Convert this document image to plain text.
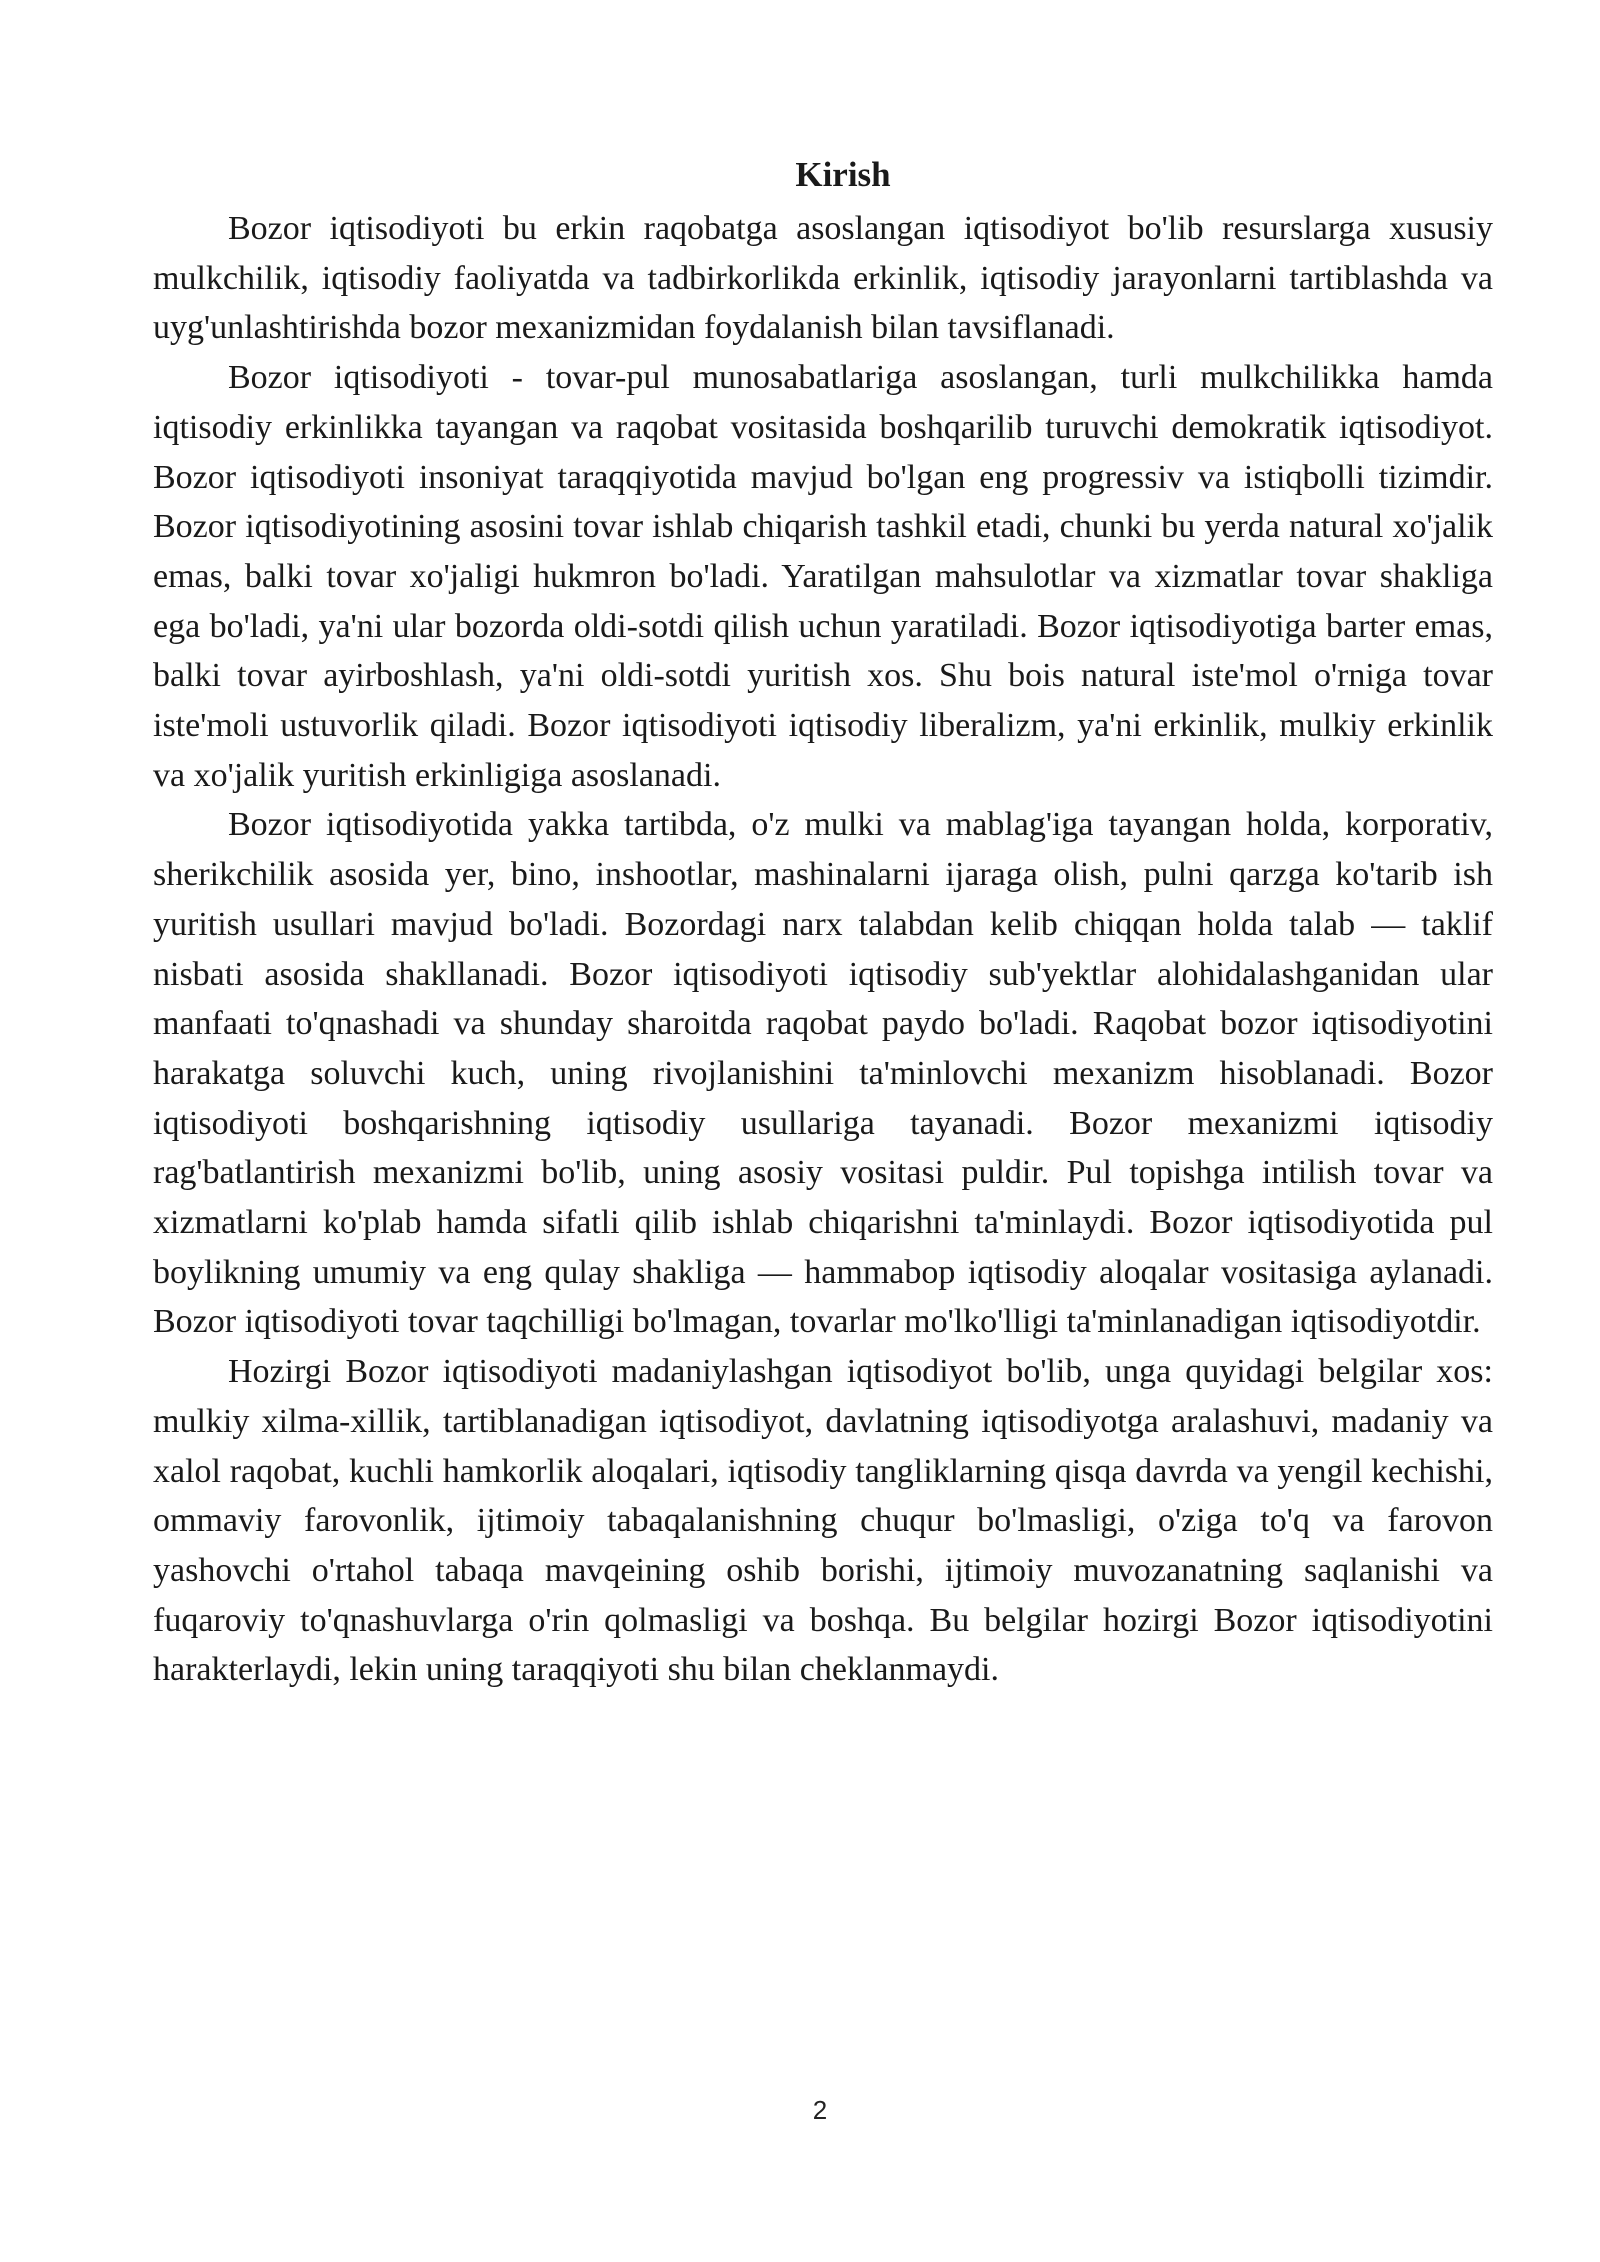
Kirish

Bozor iqtisodiyoti bu erkin raqobatga asoslangan iqtisodiyot bo'lib resurslarga xususiy mulkchilik, iqtisodiy faoliyatda va tadbirkorlikda erkinlik, iqtisodiy jarayonlarni tartiblashda va uyg'unlashtirishda bozor mexanizmidan foydalanish bilan tavsiflanadi.

Bozor iqtisodiyoti - tovar-pul munosabatlariga asoslangan, turli mulkchilikka hamda iqtisodiy erkinlikka tayangan va raqobat vositasida boshqarilib turuvchi demokratik iqtisodiyot. Bozor iqtisodiyoti insoniyat taraqqiyotida mavjud bo'lgan eng progressiv va istiqbolli tizimdir. Bozor iqtisodiyotining asosini tovar ishlab chiqarish tashkil etadi, chunki bu yerda natural xo'jalik emas, balki tovar xo'jaligi hukmron bo'ladi. Yaratilgan mahsulotlar va xizmatlar tovar shakliga ega bo'ladi, ya'ni ular bozorda oldi-sotdi qilish uchun yaratiladi. Bozor iqtisodiyotiga barter emas, balki tovar ayirboshlash, ya'ni oldi-sotdi yuritish xos. Shu bois natural iste'mol o'rniga tovar iste'moli ustuvorlik qiladi. Bozor iqtisodiyoti iqtisodiy liberalizm, ya'ni erkinlik, mulkiy erkinlik va xo'jalik yuritish erkinligiga asoslanadi.

Bozor iqtisodiyotida yakka tartibda, o'z mulki va mablag'iga tayangan holda, korporativ, sherikchilik asosida yer, bino, inshootlar, mashinalarni ijaraga olish, pulni qarzga ko'tarib ish yuritish usullari mavjud bo'ladi. Bozordagi narx talabdan kelib chiqqan holda talab — taklif nisbati asosida shakllanadi. Bozor iqtisodiyoti iqtisodiy sub'yektlar alohidalashganidan ular manfaati to'qnashadi va shunday sharoitda raqobat paydo bo'ladi. Raqobat bozor iqtisodiyotini harakatga soluvchi kuch, uning rivojlanishini ta'minlovchi mexanizm hisoblanadi. Bozor iqtisodiyoti boshqarishning iqtisodiy usullariga tayanadi. Bozor mexanizmi iqtisodiy rag'batlantirish mexanizmi bo'lib, uning asosiy vositasi puldir. Pul topishga intilish tovar va xizmatlarni ko'plab hamda sifatli qilib ishlab chiqarishni ta'minlaydi. Bozor iqtisodiyotida pul boylikning umumiy va eng qulay shakliga — hammabop iqtisodiy aloqalar vositasiga aylanadi. Bozor iqtisodiyoti tovar taqchilligi bo'lmagan, tovarlar mo'lko'lligi ta'minlanadigan iqtisodiyotdir.

Hozirgi Bozor iqtisodiyoti madaniylashgan iqtisodiyot bo'lib, unga quyidagi belgilar xos: mulkiy xilma-xillik, tartiblanadigan iqtisodiyot, davlatning iqtisodiyotga aralashuvi, madaniy va xalol raqobat, kuchli hamkorlik aloqalari, iqtisodiy tangliklarning qisqa davrda va yengil kechishi, ommaviy farovonlik, ijtimoiy tabaqalanishning chuqur bo'lmasligi, o'ziga to'q va farovon yashovchi o'rtahol tabaqa mavqeining oshib borishi, ijtimoiy muvozanatning saqlanishi va fuqaroviy to'qnashuvlarga o'rin qolmasligi va boshqa. Bu belgilar hozirgi Bozor iqtisodiyotini harakterlaydi, lekin uning taraqqiyoti shu bilan cheklanmaydi.

2
